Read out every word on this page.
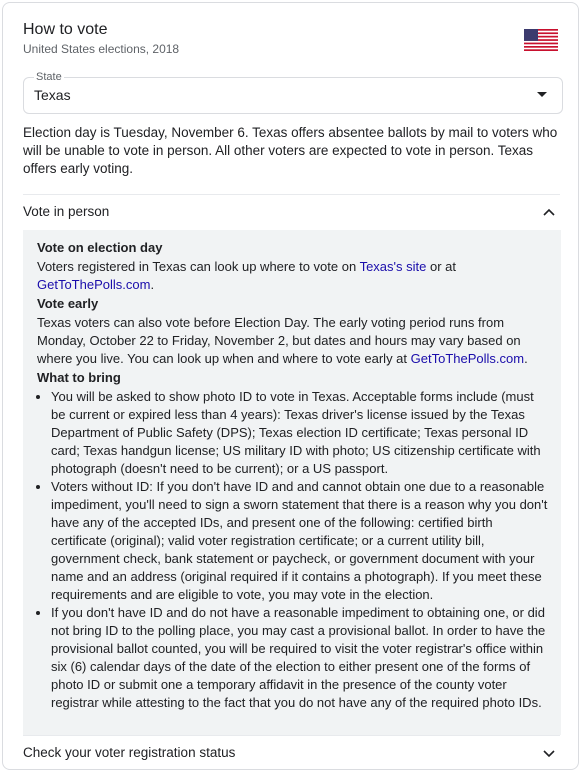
How to vote
United States elections, 2018
State
Texas
Election day is Tuesday, November 6. Texas offers absentee ballots by mail to voters who will be unable to vote in person. All other voters are expected to vote in person. Texas offers early voting.
Vote in person
Vote on election day
Voters registered in Texas can look up where to vote on Texas's site or at GetToThePolls.com.
Vote early
Texas voters can also vote before Election Day. The early voting period runs from Monday, October 22 to Friday, November 2, but dates and hours may vary based on where you live. You can look up when and where to vote early at GetToThePolls.com.
What to bring
• You will be asked to show photo ID to vote in Texas. Acceptable forms include (must be current or expired less than 4 years): Texas driver's license issued by the Texas Department of Public Safety (DPS); Texas election ID certificate; Texas personal ID card; Texas handgun license; US military ID with photo; US citizenship certificate with photograph (doesn't need to be current); or a US passport.
• Voters without ID: If you don't have ID and and cannot obtain one due to a reasonable impediment, you'll need to sign a sworn statement that there is a reason why you don't have any of the accepted IDs, and present one of the following: certified birth certificate (original); valid voter registration certificate; or a current utility bill, government check, bank statement or paycheck, or government document with your name and an address (original required if it contains a photograph). If you meet these requirements and are eligible to vote, you may vote in the election.
• If you don't have ID and do not have a reasonable impediment to obtaining one, or did not bring ID to the polling place, you may cast a provisional ballot. In order to have the provisional ballot counted, you will be required to visit the voter registrar's office within six (6) calendar days of the date of the election to either present one of the forms of photo ID or submit one a temporary affidavit in the presence of the county voter registrar while attesting to the fact that you do not have any of the required photo IDs.
Check your voter registration status
